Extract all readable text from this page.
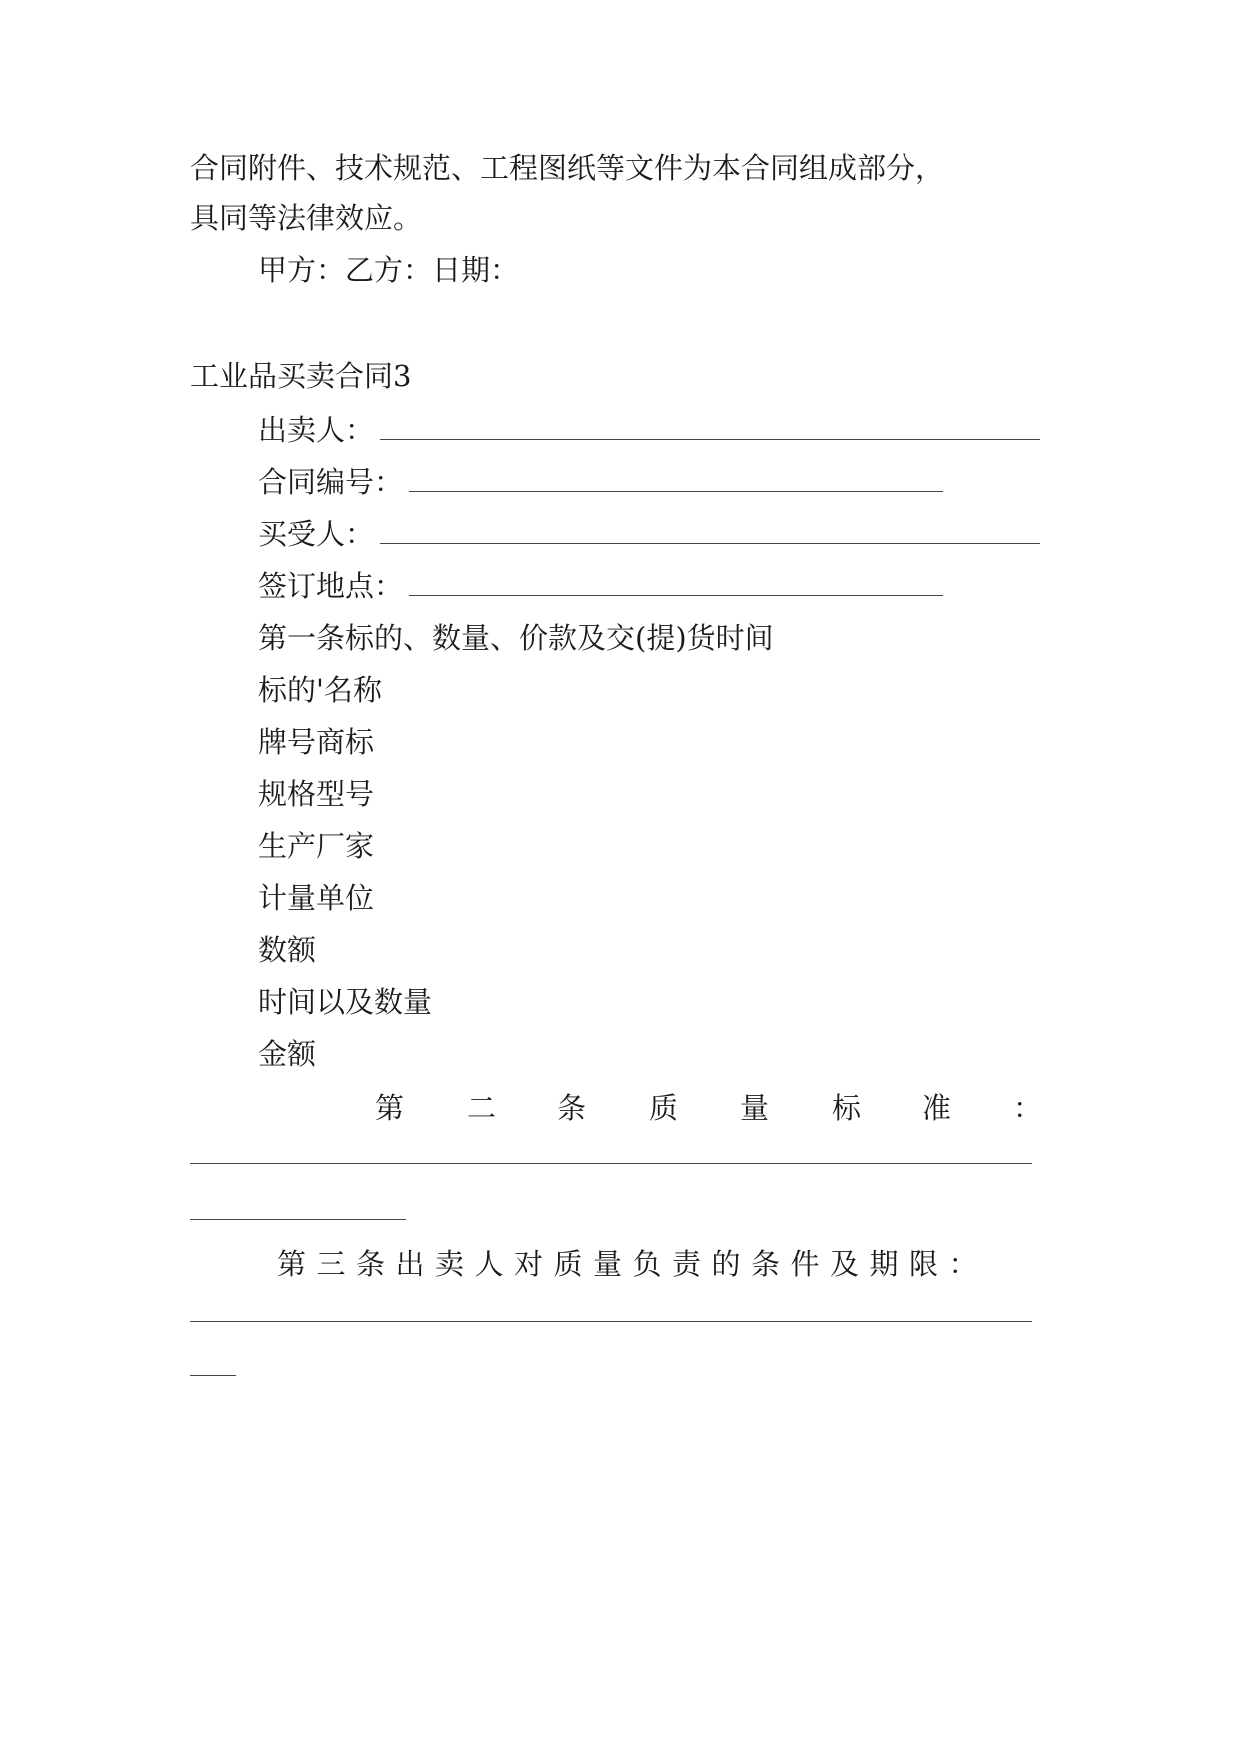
合同附件、技术规范、工程图纸等文件为本合同组成部分，
具同等法律效应。
甲方：乙方：日期：
工业品买卖合同3
出卖人：
合同编号：
买受人：
签订地点：
第一条标的、数量、价款及交(提)货时间
标的'名称
牌号商标
规格型号
生产厂家
计量单位
数额
时间以及数量
金额
第 二 条 质 量 标 准 ：
第三条出卖人对质量负责的条件及期限：
